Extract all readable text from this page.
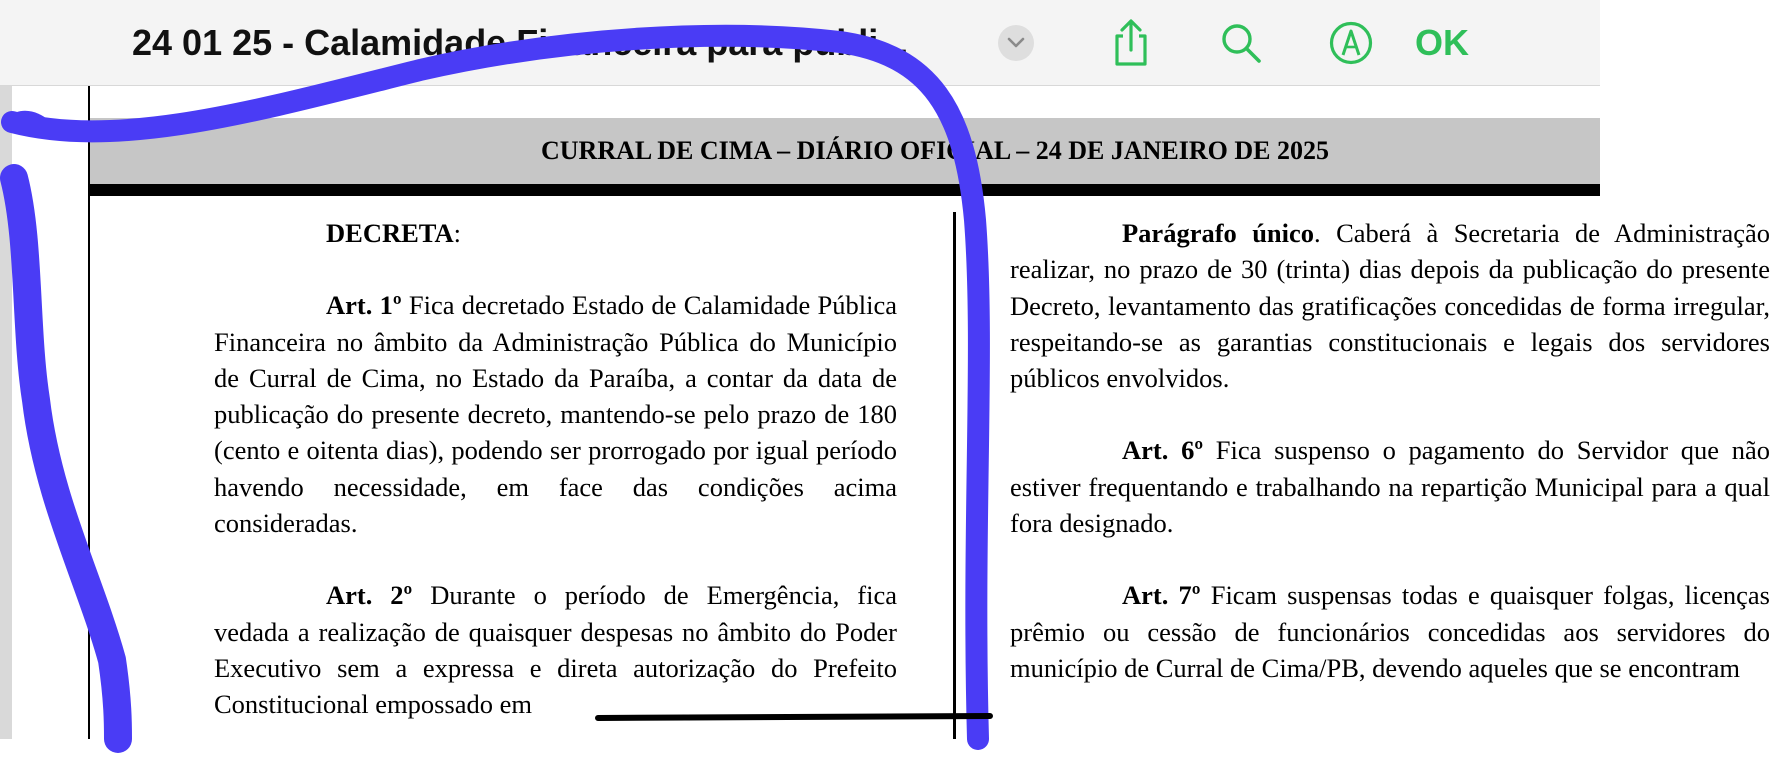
24 01 25 - Calamidade Financeira para publi...	OK
CURRAL DE CIMA – DIÁRIO OFICIAL – 24 DE JANEIRO DE 2025

DECRETA:

Art. 1º Fica decretado Estado de Calamidade Pública Financeira no âmbito da Administração Pública do Município de Curral de Cima, no Estado da Paraíba, a contar da data de publicação do presente decreto, mantendo-se pelo prazo de 180 (cento e oitenta dias), podendo ser prorrogado por igual período havendo necessidade, em face das condições acima consideradas.

Art. 2º Durante o período de Emergência, fica vedada a realização de quaisquer despesas no âmbito do Poder Executivo sem a expressa e direta autorização do Prefeito Constitucional empossado em

Parágrafo único. Caberá à Secretaria de Administração realizar, no prazo de 30 (trinta) dias depois da publicação do presente Decreto, levantamento das gratificações concedidas de forma irregular, respeitando-se as garantias constitucionais e legais dos servidores públicos envolvidos.

Art. 6º Fica suspenso o pagamento do Servidor que não estiver frequentando e trabalhando na repartição Municipal para a qual fora designado.

Art. 7º Ficam suspensas todas e quaisquer folgas, licenças prêmio ou cessão de funcionários concedidas aos servidores do município de Curral de Cima/PB, devendo aqueles que se encontram
